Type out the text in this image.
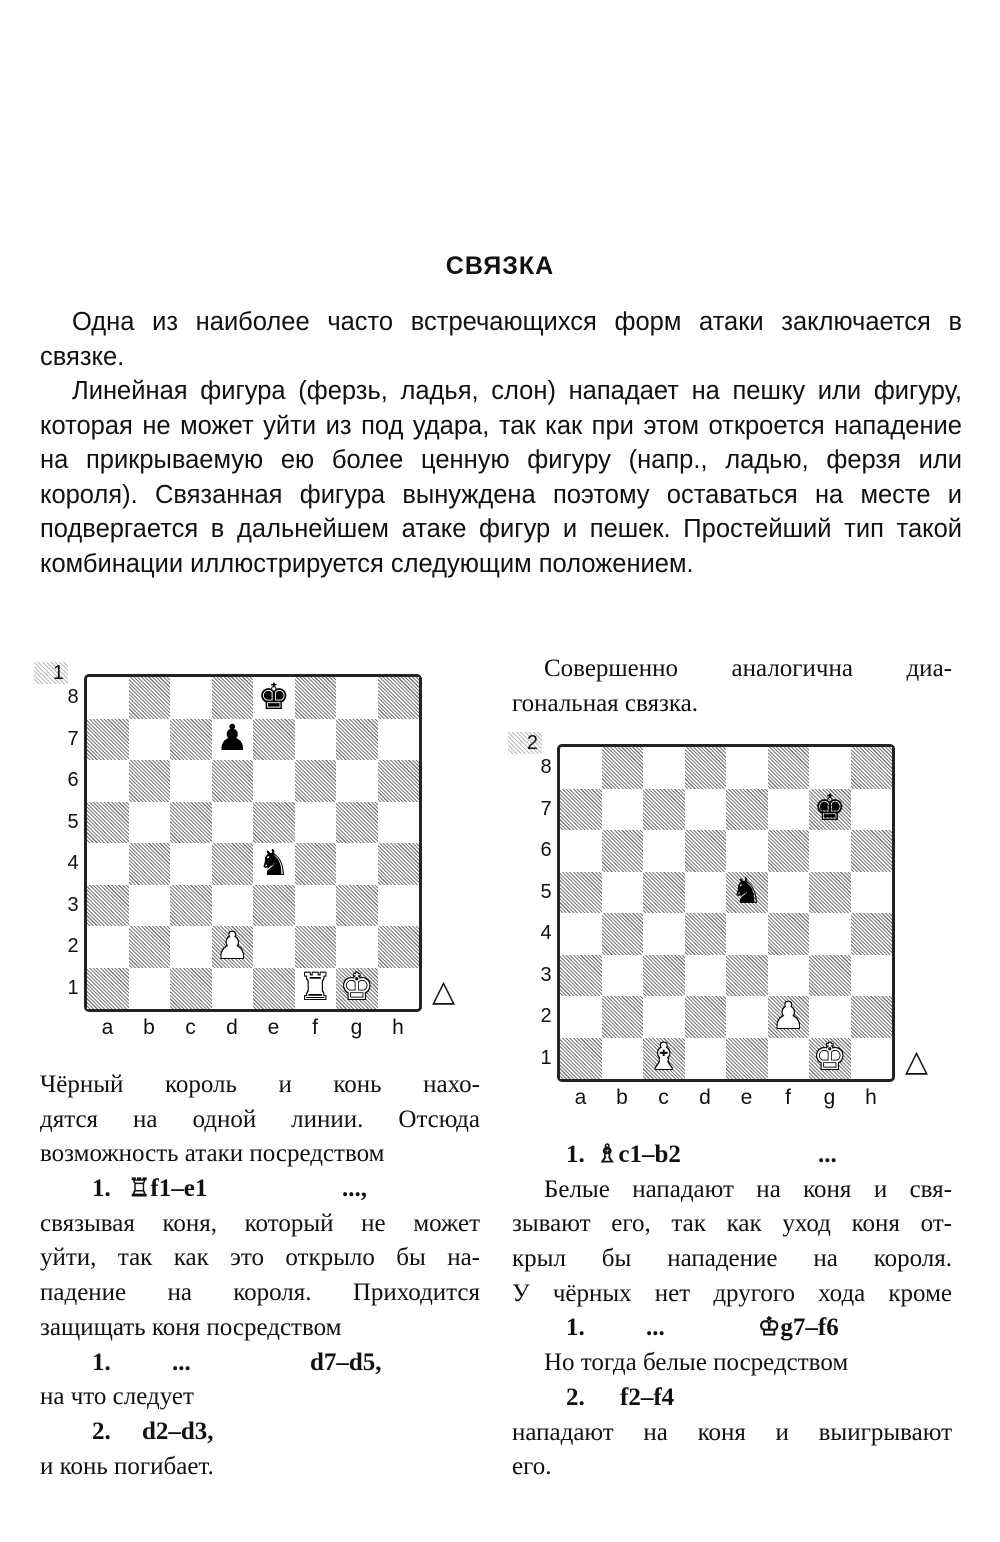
СВЯЗКА

Одна из наиболее часто встречающихся форм атаки заключается в связке.

Линейная фигура (ферзь, ладья, слон) нападает на пешку или фигуру, которая не может уйти из под удара, так как при этом откроется нападение на прикрываемую ею более ценную фигуру (напр., ладью, ферзя или короля). Связанная фигура вынуждена поэтому оставаться на месте и подвергается в дальнейшем атаке фигур и пешек. Простейший тип такой комбинации иллюстрируется следующим положением.

1
♚
♟
♞
♟
♜ ♚
8
7
6
5
4
3
2
1
a	b	c	d	e	f	g	h
△
2
♚
♞
♟
♝	♚
8
7
6
5
4
3
2
1
a	b	c	d	e	f	g	h
△
Чёрный король и конь нахо-
дятся на одной линии. Отсюда
возможность атаки посредством
1. ♖f1–e1	...,
связывая коня, который не может
уйти, так как это открыло бы на-
падение на короля. Приходится
защищать коня посредством
1. ...	d7–d5,
на что следует
2. d2–d3,
и конь погибает.
Совершенно аналогична диа-
гональная связка.
1. ♗c1–b2	...
Белые нападают на коня и свя-
зывают его, так как уход коня от-
крыл бы нападение на короля.
У чёрных нет другого хода кроме
1. ...	♔g7–f6
Но тогда белые посредством
2. f2–f4
нападают на коня и выигрывают
его.
